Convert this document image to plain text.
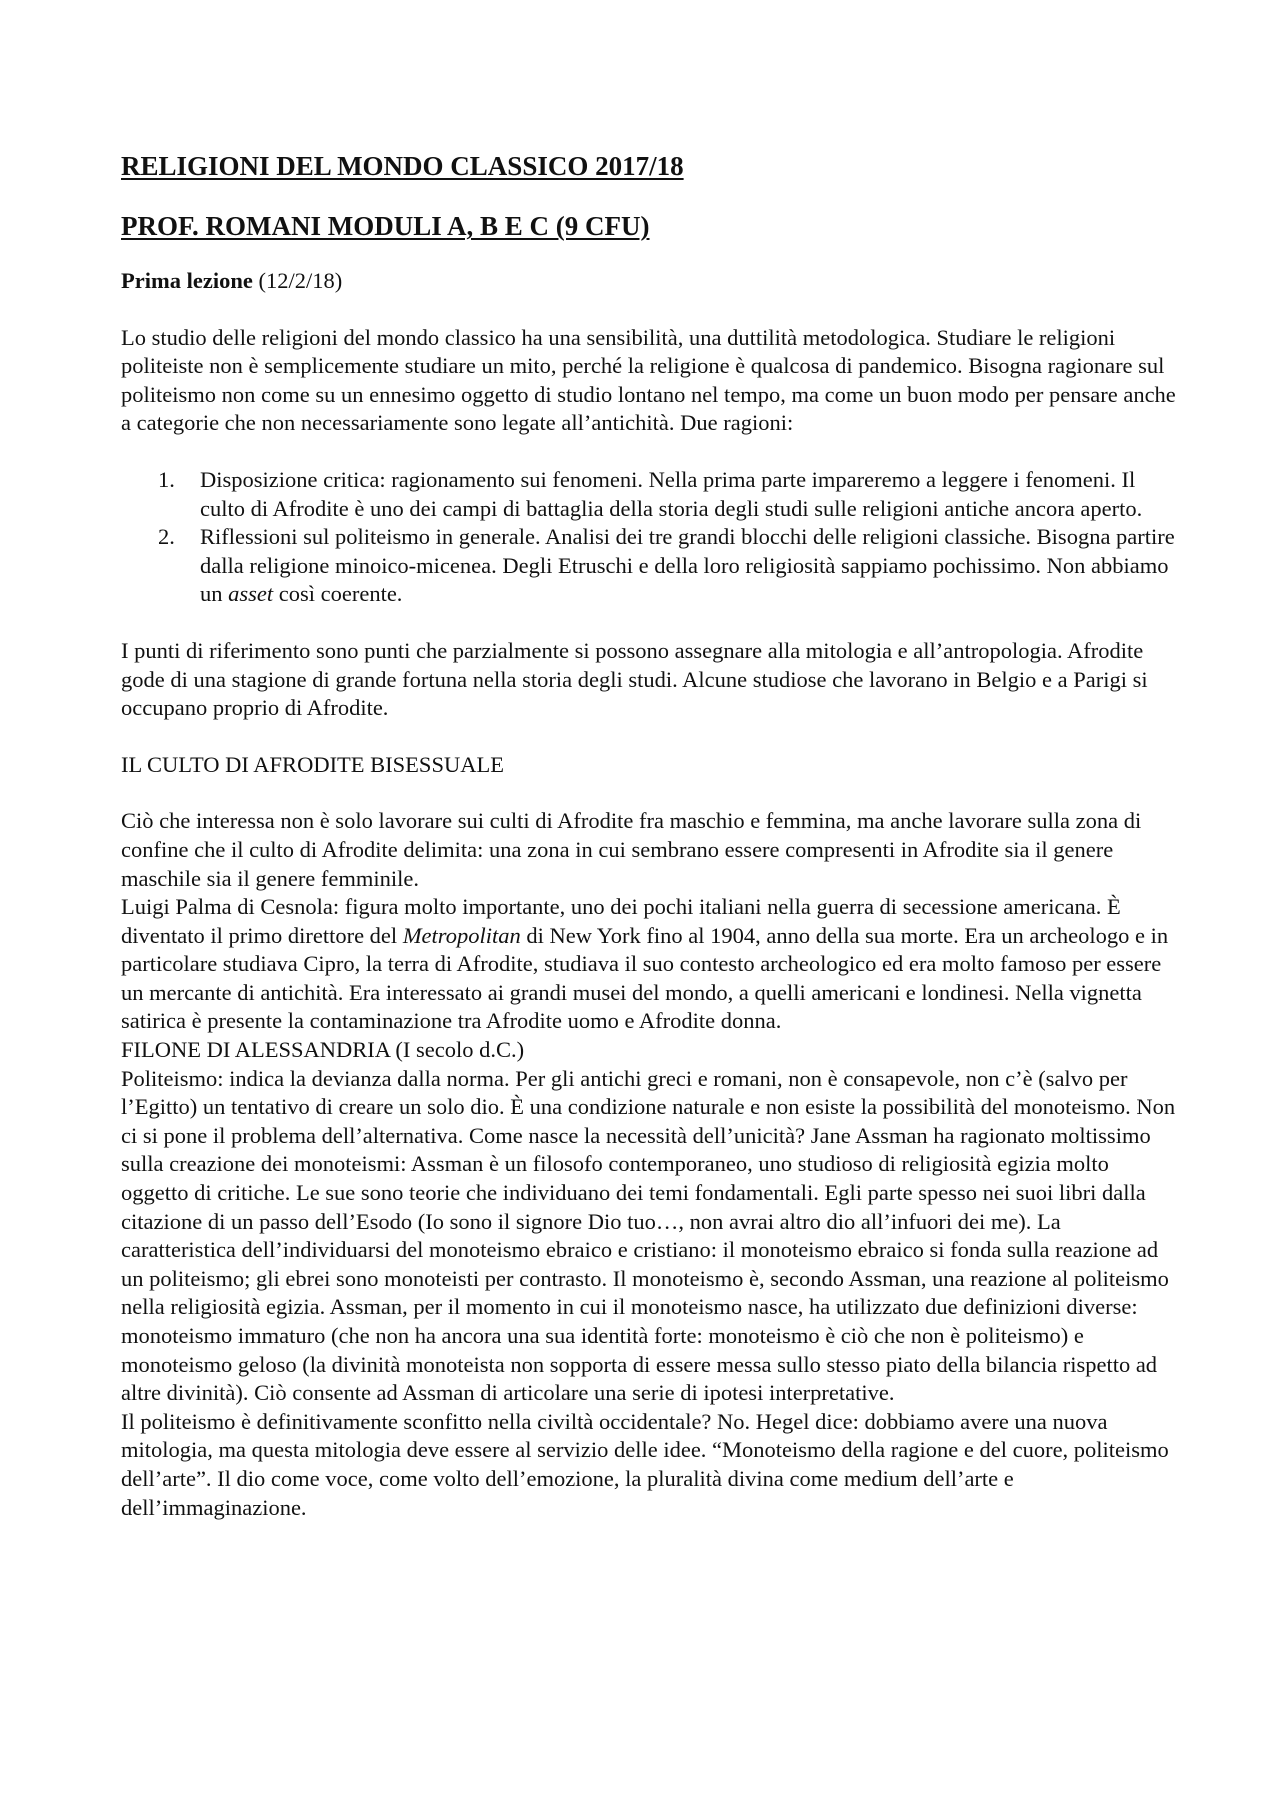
RELIGIONI DEL MONDO CLASSICO 2017/18
PROF. ROMANI MODULI A, B E C (9 CFU)

Prima lezione (12/2/18)

Lo studio delle religioni del mondo classico ha una sensibilità, una duttilità metodologica. Studiare le religioni politeiste non è semplicemente studiare un mito, perché la religione è qualcosa di pandemico. Bisogna ragionare sul politeismo non come su un ennesimo oggetto di studio lontano nel tempo, ma come un buon modo per pensare anche a categorie che non necessariamente sono legate all’antichità. Due ragioni:

1. Disposizione critica: ragionamento sui fenomeni. Nella prima parte impareremo a leggere i fenomeni. Il culto di Afrodite è uno dei campi di battaglia della storia degli studi sulle religioni antiche ancora aperto.
2. Riflessioni sul politeismo in generale. Analisi dei tre grandi blocchi delle religioni classiche. Bisogna partire dalla religione minoico-micenea. Degli Etruschi e della loro religiosità sappiamo pochissimo. Non abbiamo un asset così coerente.

I punti di riferimento sono punti che parzialmente si possono assegnare alla mitologia e all’antropologia. Afrodite gode di una stagione di grande fortuna nella storia degli studi. Alcune studiose che lavorano in Belgio e a Parigi si occupano proprio di Afrodite.

IL CULTO DI AFRODITE BISESSUALE

Ciò che interessa non è solo lavorare sui culti di Afrodite fra maschio e femmina, ma anche lavorare sulla zona di confine che il culto di Afrodite delimita: una zona in cui sembrano essere compresenti in Afrodite sia il genere maschile sia il genere femminile.

Luigi Palma di Cesnola: figura molto importante, uno dei pochi italiani nella guerra di secessione americana. È diventato il primo direttore del Metropolitan di New York fino al 1904, anno della sua morte. Era un archeologo e in particolare studiava Cipro, la terra di Afrodite, studiava il suo contesto archeologico ed era molto famoso per essere un mercante di antichità. Era interessato ai grandi musei del mondo, a quelli americani e londinesi. Nella vignetta satirica è presente la contaminazione tra Afrodite uomo e Afrodite donna.

FILONE DI ALESSANDRIA (I secolo d.C.)

Politeismo: indica la devianza dalla norma. Per gli antichi greci e romani, non è consapevole, non c’è (salvo per l’Egitto) un tentativo di creare un solo dio. È una condizione naturale e non esiste la possibilità del monoteismo. Non ci si pone il problema dell’alternativa. Come nasce la necessità dell’unicità? Jane Assman ha ragionato moltissimo sulla creazione dei monoteismi: Assman è un filosofo contemporaneo, uno studioso di religiosità egizia molto oggetto di critiche. Le sue sono teorie che individuano dei temi fondamentali. Egli parte spesso nei suoi libri dalla citazione di un passo dell’Esodo (Io sono il signore Dio tuo…, non avrai altro dio all’infuori dei me). La caratteristica dell’individuarsi del monoteismo ebraico e cristiano: il monoteismo ebraico si fonda sulla reazione ad un politeismo; gli ebrei sono monoteisti per contrasto. Il monoteismo è, secondo Assman, una reazione al politeismo nella religiosità egizia. Assman, per il momento in cui il monoteismo nasce, ha utilizzato due definizioni diverse: monoteismo immaturo (che non ha ancora una sua identità forte: monoteismo è ciò che non è politeismo) e monoteismo geloso (la divinità monoteista non sopporta di essere messa sullo stesso piato della bilancia rispetto ad altre divinità). Ciò consente ad Assman di articolare una serie di ipotesi interpretative.

Il politeismo è definitivamente sconfitto nella civiltà occidentale? No. Hegel dice: dobbiamo avere una nuova mitologia, ma questa mitologia deve essere al servizio delle idee. “Monoteismo della ragione e del cuore, politeismo dell’arte”. Il dio come voce, come volto dell’emozione, la pluralità divina come medium dell’arte e dell’immaginazione.
